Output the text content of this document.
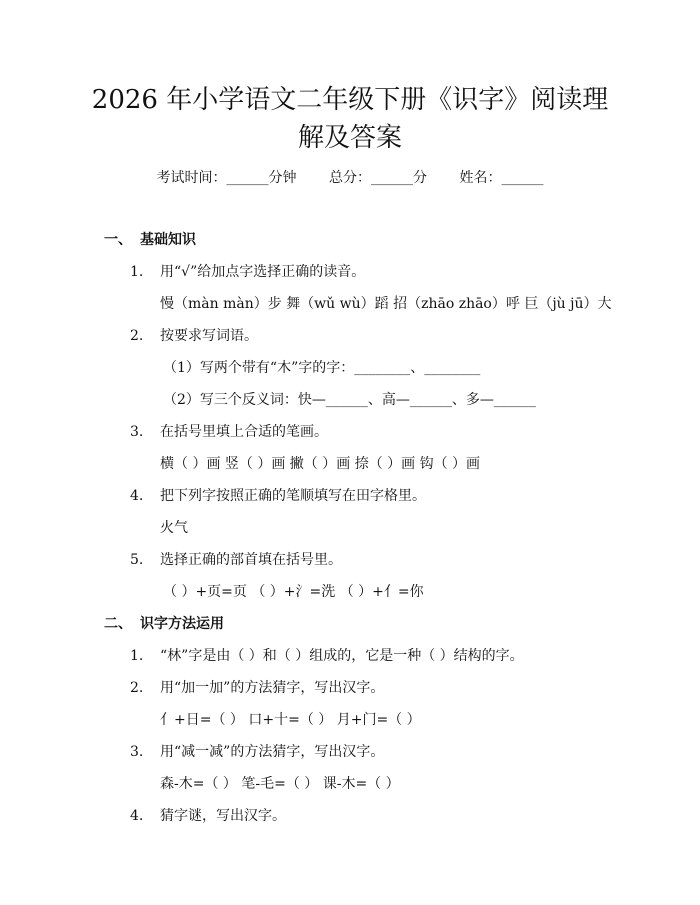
2026 年小学语文二年级下册《识字》阅读理
解及答案
考试时间：______分钟 总分：______分 姓名：______
一、 基础知识
1. 用“√”给加点字选择正确的读音。
慢（màn màn）步 舞（wǔ wù）蹈 招（zhāo zhāo）呼 巨（jù jū）大
2. 按要求写词语。
（1）写两个带有“木”字的字：________、________
（2）写三个反义词：快—______、高—______、多—______
3. 在括号里填上合适的笔画。
横（ ）画 竖（ ）画 撇（ ）画 捺（ ）画 钩（ ）画
4. 把下列字按照正确的笔顺填写在田字格里。
火气
5. 选择正确的部首填在括号里。
（ ）+页=页 （ ）+氵=洗 （ ）+亻=你
二、 识字方法运用
1. “林”字是由（ ）和（ ）组成的，它是一种（ ）结构的字。
2. 用“加一加”的方法猜字，写出汉字。
亻+日=（ ） 口+十=（ ） 月+门=（ ）
3. 用“减一减”的方法猜字，写出汉字。
森-木=（ ） 笔-毛=（ ） 课-木=（ ）
4. 猜字谜，写出汉字。
